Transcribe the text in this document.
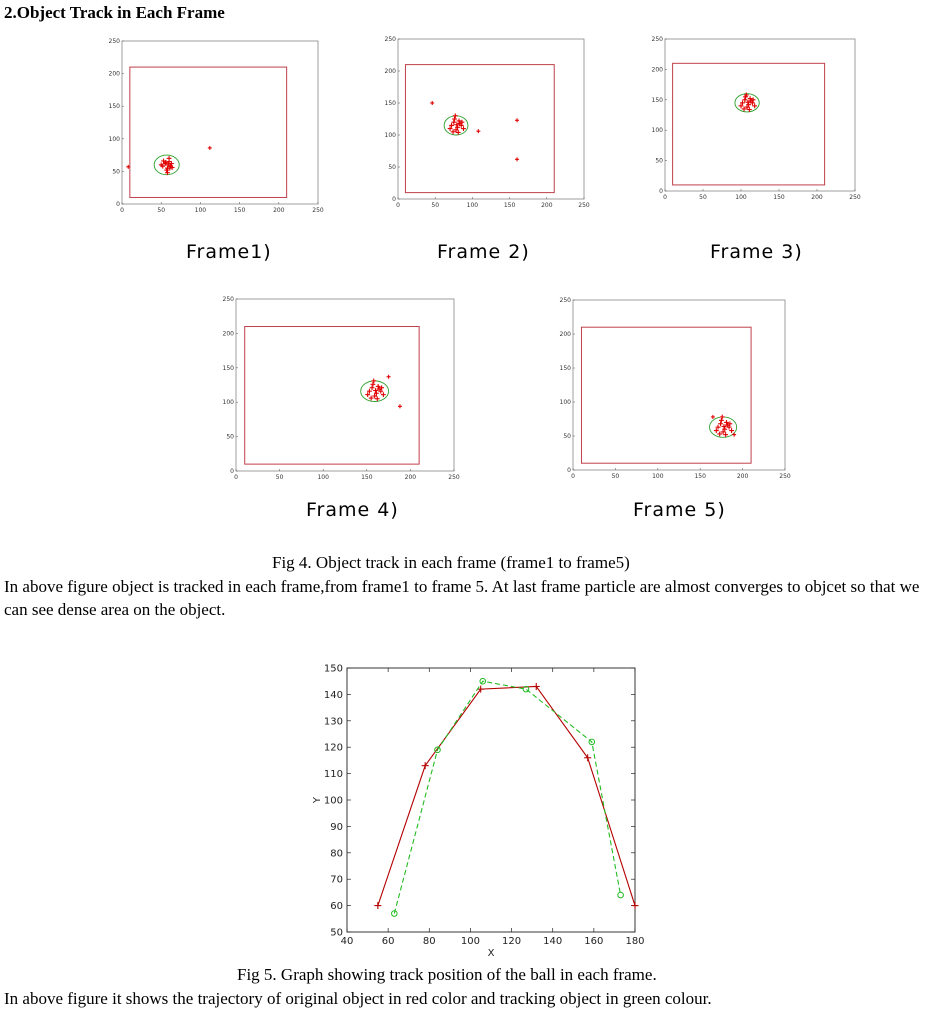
2.Object Track in Each Frame
0
0
50
50
100
100
150
150
200
200
250
250
0
0
50
50
100
100
150
150
200
200
250
250
0
0
50
50
100
100
150
150
200
200
250
250
0
0
50
50
100
100
150
150
200
200
250
250
0
0
50
50
100
100
150
150
200
200
250
250
Frame1)	Frame 2)	Frame 3)
Frame 4)	Frame 5)
Fig 4. Object track in each frame (frame1 to frame5)
In above figure object is tracked in each frame,from frame1 to frame 5. At last frame particle are almost converges to objcet so that we can see dense area on the object.
40	60	80	100 120 140 160 180
50
60
70
80
90
100
110
120
130
140
150
X
Y
Fig 5. Graph showing track position of the ball in each frame.
In above figure it shows the trajectory of original object in red color and tracking object in green colour.
